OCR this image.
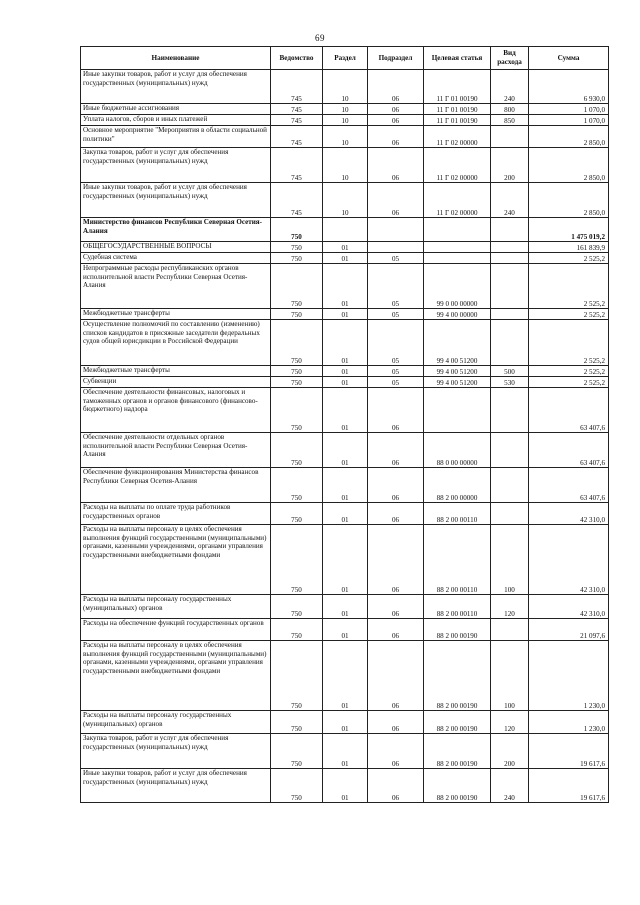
69
Наименование	Ведомство	Раздел	Подраздел	Целевая статья	Вид расхода	Сумма
Иные закупки товаров, работ и услуг для обеспечения государственных (муниципальных) нужд	745	10	06	11 Г 01 00190	240	6 930,0
Иные бюджетные ассигнования	745	10	06	11 Г 01 00190	800	1 070,0
Уплата налогов, сборов и иных платежей	745	10	06	11 Г 01 00190	850	1 070,0
Основное мероприятие "Мероприятия в области социальной политики"	745	10	06	11 Г 02 00000		2 850,0
Закупка товаров, работ и услуг для обеспечения государственных (муниципальных) нужд	745	10	06	11 Г 02 00000	200	2 850,0
Иные закупки товаров, работ и услуг для обеспечения государственных (муниципальных) нужд	745	10	06	11 Г 02 00000	240	2 850,0
Министерство финансов Республики Северная Осетия-Алания	750					1 475 019,2
ОБЩЕГОСУДАРСТВЕННЫЕ ВОПРОСЫ	750	01				161 839,9
Судебная система	750	01	05			2 525,2
Непрограммные расходы республиканских органов исполнительной власти Республики Северная Осетия-Алания	750	01	05	99 0 00 00000		2 525,2
Межбюджетные трансферты	750	01	05	99 4 00 00000		2 525,2
Осуществление полномочий по составлению (изменению) списков кандидатов в присяжные заседатели федеральных судов общей юрисдикции в Российской Федерации	750	01	05	99 4 00 51200		2 525,2
Межбюджетные трансферты	750	01	05	99 4 00 51200	500	2 525,2
Субвенции	750	01	05	99 4 00 51200	530	2 525,2
Обеспечение деятельности финансовых, налоговых и таможенных органов и органов финансового (финансово-бюджетного) надзора	750	01	06			63 407,6
Обеспечение деятельности отдельных органов исполнительной власти Республики Северная Осетия-Алания	750	01	06	88 0 00 00000		63 407,6
Обеспечение функционирования Министерства финансов Республики Северная Осетия-Алания	750	01	06	88 2 00 00000		63 407,6
Расходы на выплаты по оплате труда работников государственных органов	750	01	06	88 2 00 00110		42 310,0
Расходы на выплаты персоналу в целях обеспечения выполнения функций государственными (муниципальными) органами, казенными учреждениями, органами управления государственными внебюджетными фондами	750	01	06	88 2 00 00110	100	42 310,0
Расходы на выплаты персоналу государственных (муниципальных) органов	750	01	06	88 2 00 00110	120	42 310,0
Расходы на обеспечение функций государственных органов	750	01	06	88 2 00 00190		21 097,6
Расходы на выплаты персоналу в целях обеспечения выполнения функций государственными (муниципальными) органами, казенными учреждениями, органами управления государственными внебюджетными фондами	750	01	06	88 2 00 00190	100	1 230,0
Расходы на выплаты персоналу государственных (муниципальных) органов	750	01	06	88 2 00 00190	120	1 230,0
Закупка товаров, работ и услуг для обеспечения государственных (муниципальных) нужд	750	01	06	88 2 00 00190	200	19 617,6
Иные закупки товаров, работ и услуг для обеспечения государственных (муниципальных) нужд	750	01	06	88 2 00 00190	240	19 617,6
